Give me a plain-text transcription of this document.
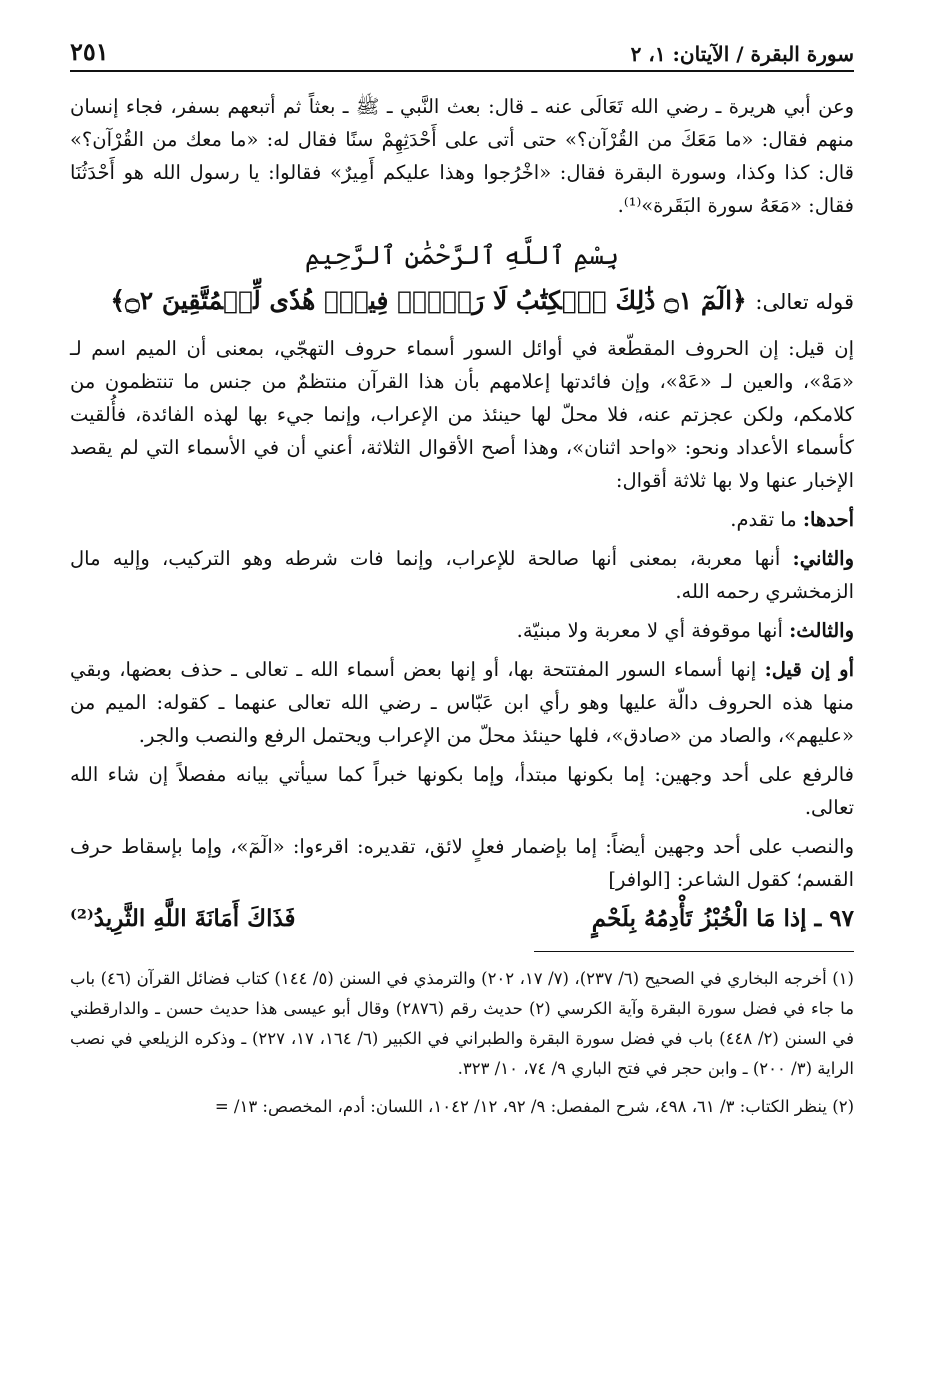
سورة البقرة / الآيتان: ١، ٢
٢٥١

وعن أبي هريرة ـ رضي الله تَعَالَى عنه ـ قال: بعث النَّبي ـ ﷺ ـ بعثاً ثم أتبعهم بسفر، فجاء إنسان منهم فقال: «ما مَعَكَ من القُرْآن؟» حتى أتى على أَحْدَثِهِمْ سنًا فقال له: «ما معك من القُرْآن؟» قال: كذا وكذا، وسورة البقرة فقال: «اخْرُجوا وهذا عليكم أَمِيرٌ» فقالوا: يا رسول الله هو أَحْدَثُنَا فقال: «مَعَهُ سورة البَقَرة»⁽¹⁾.

بِسْمِ ٱللَّهِ ٱلرَّحْمَٰنِ ٱلرَّحِيمِ
قوله تعالى: ﴿الٓمٓ ۝١ ذَٰلِكَ ٱلۡكِتَٰبُ لَا رَيۡبَۛ فِيهِۛ هُدٗى لِّلۡمُتَّقِينَ ۝٢﴾

إن قيل: إن الحروف المقطّعة في أوائل السور أسماء حروف التهجّي، بمعنى أن الميم اسم لـ «مَهْ»، والعين لـ «عَهْ»، وإن فائدتها إعلامهم بأن هذا القرآن منتظمٌ من جنس ما تنتظمون من كلامكم، ولكن عجزتم عنه، فلا محلّ لها حينئذ من الإعراب، وإنما جيء بها لهذه الفائدة، فأُلقيت كأسماء الأعداد ونحو: «واحد اثنان»، وهذا أصح الأقوال الثلاثة، أعني أن في الأسماء التي لم يقصد الإخبار عنها ولا بها ثلاثة أقوال:

أحدها: ما تقدم.

والثاني: أنها معربة، بمعنى أنها صالحة للإعراب، وإنما فات شرطه وهو التركيب، وإليه مال الزمخشري رحمه الله.

والثالث: أنها موقوفة أي لا معربة ولا مبنيّة.

أو إن قيل: إنها أسماء السور المفتتحة بها، أو إنها بعض أسماء الله ـ تعالى ـ حذف بعضها، وبقي منها هذه الحروف دالّة عليها وهو رأي ابن عَبّاس ـ رضي الله تعالى عنهما ـ كقوله: الميم من «عليهم»، والصاد من «صادق»، فلها حينئذ محلّ من الإعراب ويحتمل الرفع والنصب والجر.

فالرفع على أحد وجهين: إما بكونها مبتدأ، وإما بكونها خبراً كما سيأتي بيانه مفصلاً إن شاء الله تعالى.

والنصب على أحد وجهين أيضاً: إما بإضمار فعلٍ لائق، تقديره: اقرءوا: «الٓمٓ»، وإما بإسقاط حرف القسم؛ كقول الشاعر: [الوافر]

٩٧ ـ إذا مَا الْخُبْزُ تَأْدِمُهُ بِلَحْمٍ
فَذَاكَ أَمَانَةَ اللَّهِ الثَّرِيدُ⁽²⁾

(١) أخرجه البخاري في الصحيح (٦/ ٢٣٧)، (٧/ ١٧، ٢٠٢) والترمذي في السنن (٥/ ١٤٤) كتاب فضائل القرآن (٤٦) باب ما جاء في فضل سورة البقرة وآية الكرسي (٢) حديث رقم (٢٨٧٦) وقال أبو عيسى هذا حديث حسن ـ والدارقطني في السنن (٢/ ٤٤٨) باب في فضل سورة البقرة والطبراني في الكبير (٦/ ١٦٤، ١٧، ٢٢٧) ـ وذكره الزيلعي في نصب الراية (٣/ ٢٠٠) ـ وابن حجر في فتح الباري ٩/ ٧٤، ١٠/ ٣٢٣.

(٢) ينظر الكتاب: ٣/ ٦١، ٤٩٨، شرح المفصل: ٩/ ٩٢، ١٢/ ١٠٤٢، اللسان: أدم، المخصص: ١٣/ =
